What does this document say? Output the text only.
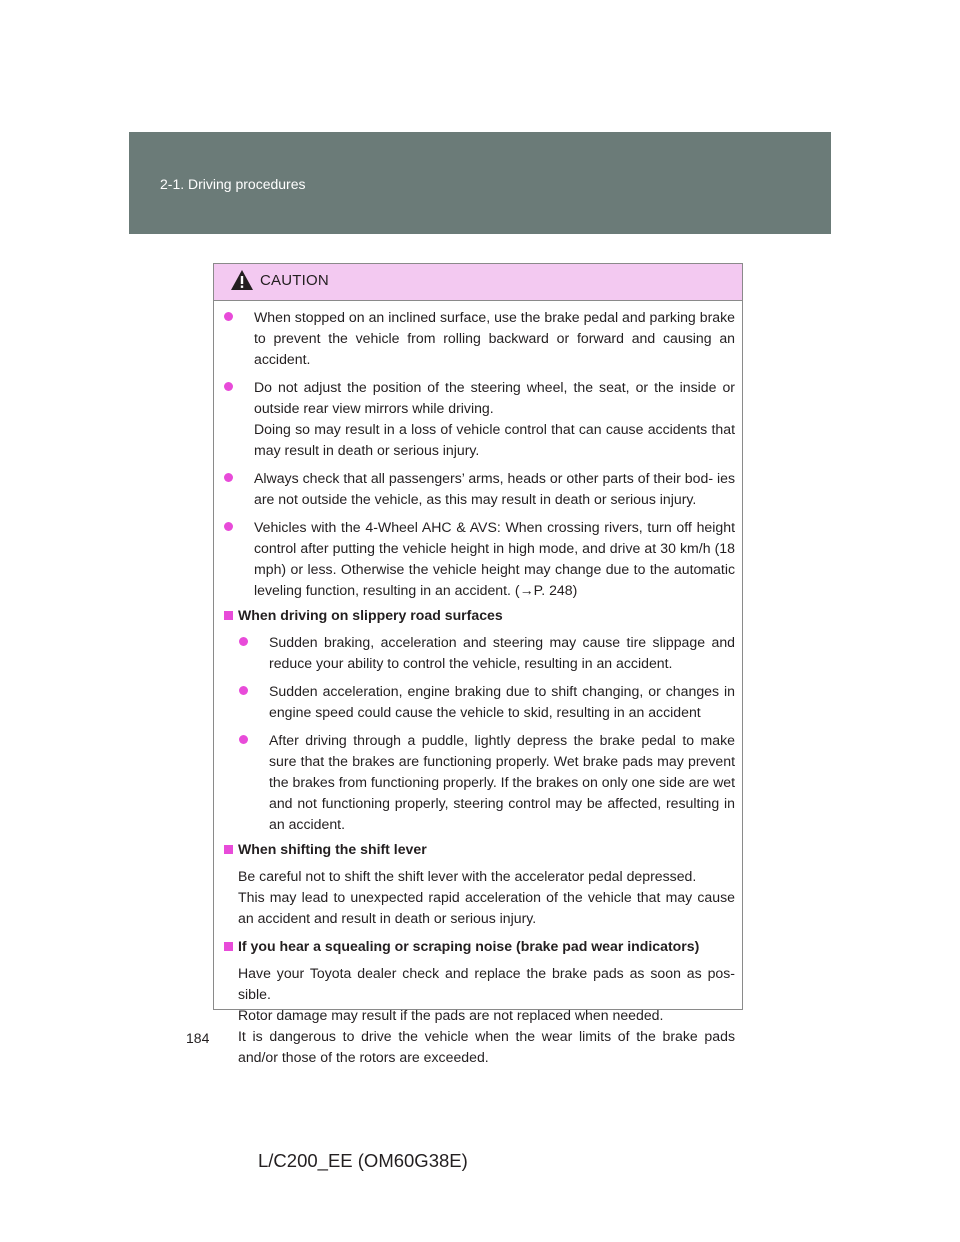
2-1. Driving procedures
CAUTION
When stopped on an inclined surface, use the brake pedal and parking brake to prevent the vehicle from rolling backward or forward and causing an accident.
Do not adjust the position of the steering wheel, the seat, or the inside or outside rear view mirrors while driving.
Doing so may result in a loss of vehicle control that can cause accidents that may result in death or serious injury.
Always check that all passengers’ arms, heads or other parts of their bod- ies are not outside the vehicle, as this may result in death or serious injury.
Vehicles with the 4-Wheel AHC & AVS: When crossing rivers, turn off height control after putting the vehicle height in high mode, and drive at 30 km/h (18 mph) or less. Otherwise the vehicle height may change due to the automatic leveling function, resulting in an accident. (→P. 248)
When driving on slippery road surfaces
Sudden braking, acceleration and steering may cause tire slippage and reduce your ability to control the vehicle, resulting in an accident.
Sudden acceleration, engine braking due to shift changing, or changes in engine speed could cause the vehicle to skid, resulting in an accident
After driving through a puddle, lightly depress the brake pedal to make sure that the brakes are functioning properly. Wet brake pads may prevent the brakes from functioning properly. If the brakes on only one side are wet and not functioning properly, steering control may be affected, resulting in an accident.
When shifting the shift lever
Be careful not to shift the shift lever with the accelerator pedal depressed.
This may lead to unexpected rapid acceleration of the vehicle that may cause an accident and result in death or serious injury.
If you hear a squealing or scraping noise (brake pad wear indicators)
Have your Toyota dealer check and replace the brake pads as soon as pos- sible.
Rotor damage may result if the pads are not replaced when needed.
It is dangerous to drive the vehicle when the wear limits of the brake pads and/or those of the rotors are exceeded.
184
L/C200_EE (OM60G38E)
